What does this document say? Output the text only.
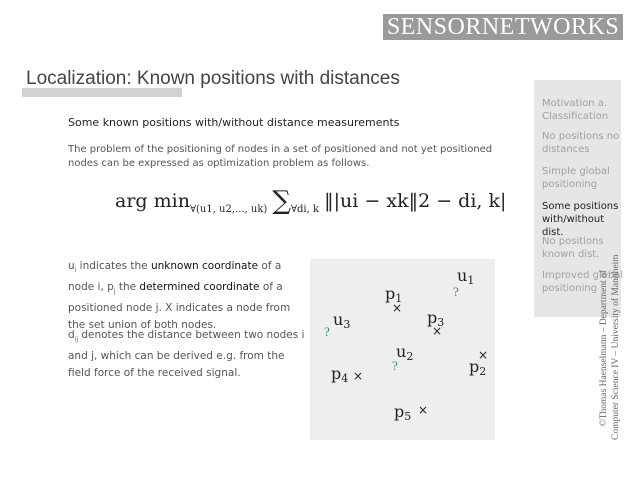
SENSORNETWORKS
Localization: Known positions with distances
Motivation a. Classification
No positions no distances
Simple global positioning
Some positions with/without dist.
No positions known dist.
Improved global positioning ©Thomas Haenselmann – Department of Computer Science IV – University of Mannheim
Some known positions with/without distance measurements
The problem of the positioning of nodes in a set of positioned and not yet positioned nodes can be expressed as optimization problem as follows.
arg $\min_{\forall(u1, u2,..., uk)} \sum_{\forall di, k}$ ‖|ui − xk‖2 − di, k|
$u_i$ indicates the unknown coordinate of a node i, $p_j$ the determined coordinate of a positioned node j. X indicates a node from the set union of both nodes.
$d_{ij}$ denotes the distance between two nodes i and j, which can be derived e.g. from the field force of the received signal.
$u_1$
?
$p_1$
×
$u_3$
?
$p_3$
×
$u_2$
?
×
$p_2$
$p_4$ ×
$p_5$ ×
